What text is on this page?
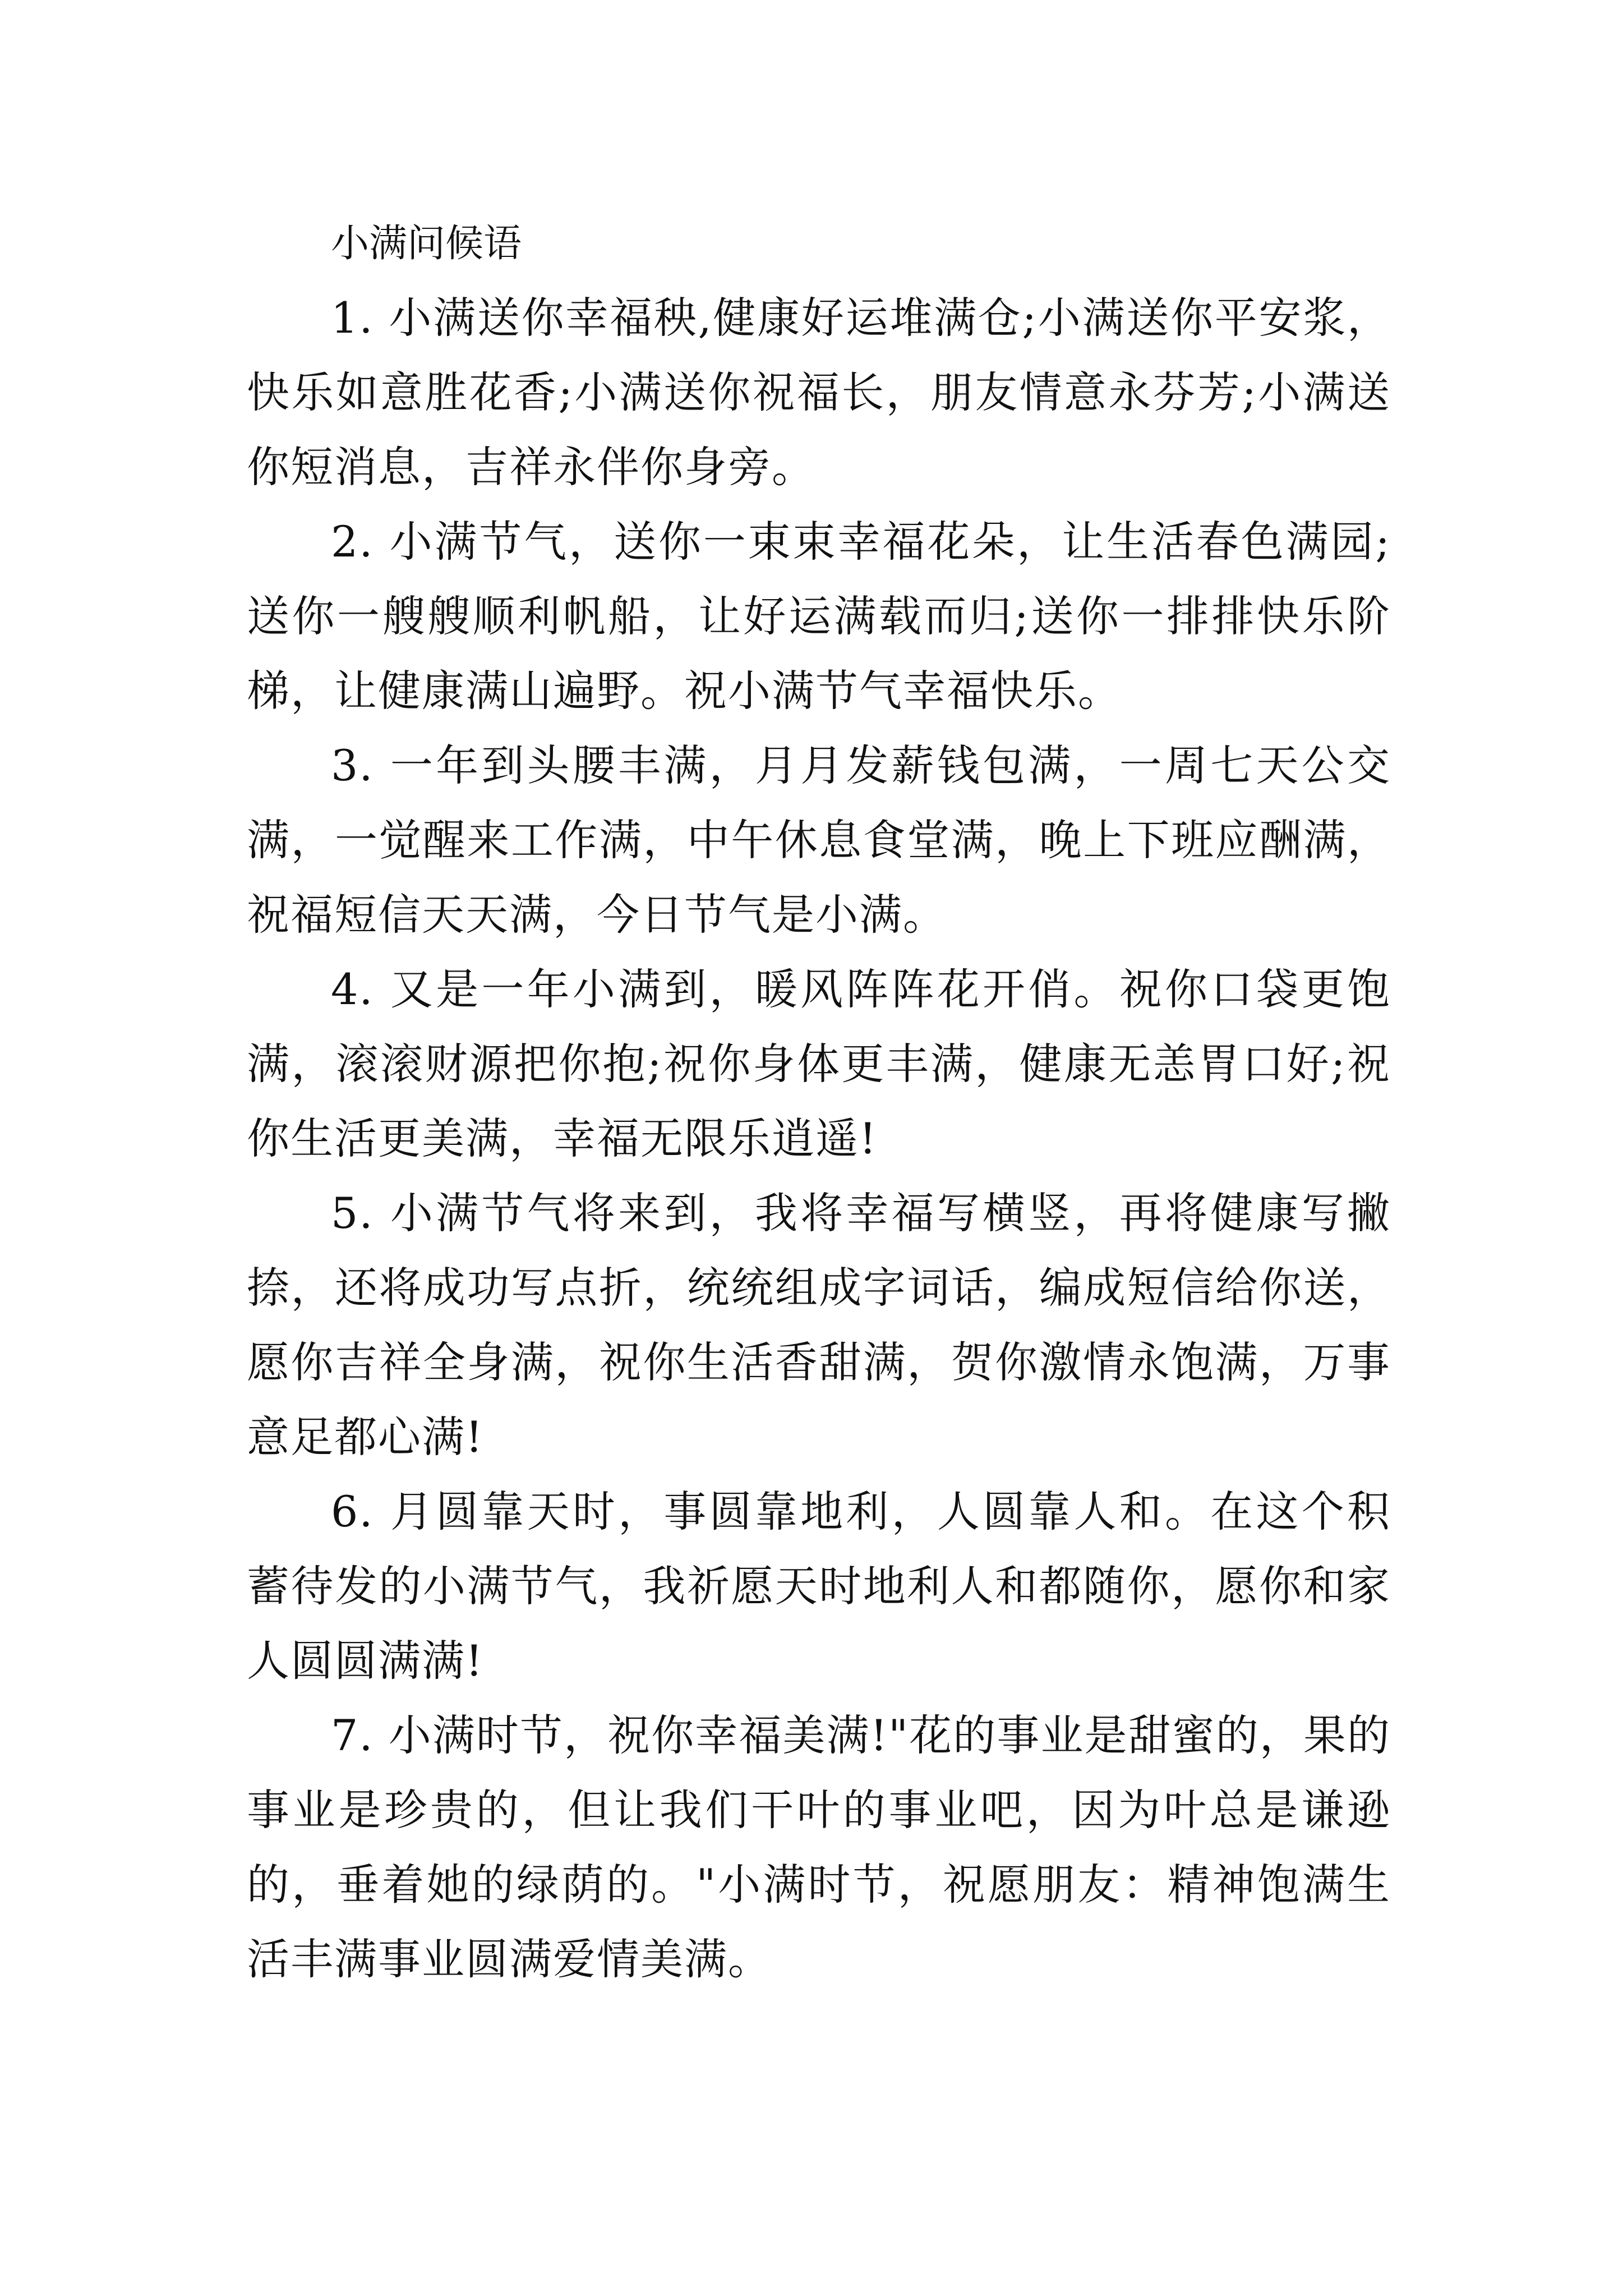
小满问候语

1. 小满送你幸福秧,健康好运堆满仓;小满送你平安浆，快乐如意胜花香;小满送你祝福长，朋友情意永芬芳;小满送你短消息，吉祥永伴你身旁。

2. 小满节气，送你一束束幸福花朵，让生活春色满园;送你一艘艘顺利帆船，让好运满载而归;送你一排排快乐阶梯，让健康满山遍野。祝小满节气幸福快乐。

3. 一年到头腰丰满，月月发薪钱包满，一周七天公交满，一觉醒来工作满，中午休息食堂满，晚上下班应酬满，祝福短信天天满，今日节气是小满。

4. 又是一年小满到，暖风阵阵花开俏。祝你口袋更饱满，滚滚财源把你抱;祝你身体更丰满，健康无恙胃口好;祝你生活更美满，幸福无限乐逍遥!

5. 小满节气将来到，我将幸福写横竖，再将健康写撇捺，还将成功写点折，统统组成字词话，编成短信给你送，愿你吉祥全身满，祝你生活香甜满，贺你激情永饱满，万事意足都心满!

6. 月圆靠天时，事圆靠地利，人圆靠人和。在这个积蓄待发的小满节气，我祈愿天时地利人和都随你，愿你和家人圆圆满满!

7. 小满时节，祝你幸福美满!"花的事业是甜蜜的，果的事业是珍贵的，但让我们干叶的事业吧，因为叶总是谦逊的，垂着她的绿荫的。"小满时节，祝愿朋友：精神饱满生活丰满事业圆满爱情美满。
